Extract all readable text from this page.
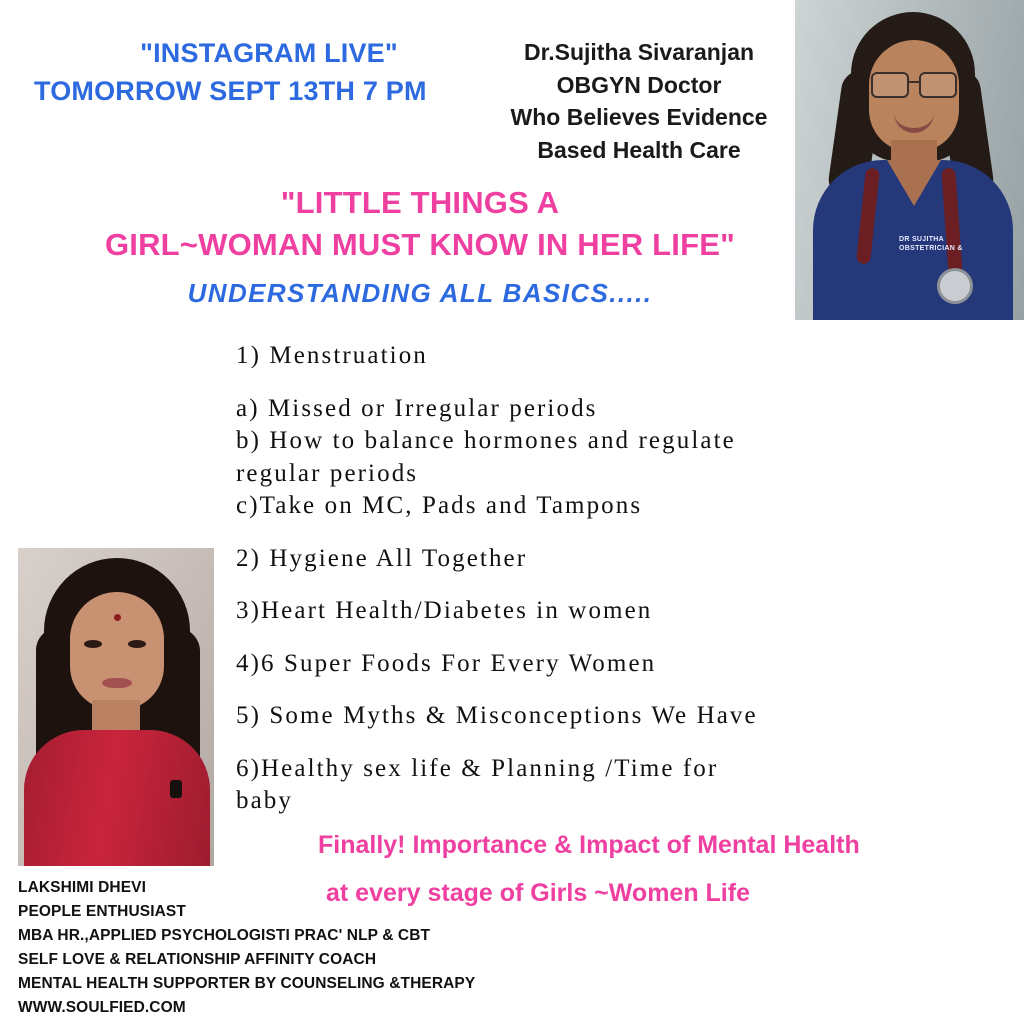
"INSTAGRAM LIVE"
TOMORROW SEPT 13TH 7 PM
Dr.Sujitha Sivaranjan
OBGYN Doctor
Who Believes Evidence
Based Health Care
DR SUJITHA OBSTETRICIAN &
"LITTLE THINGS A
GIRL~WOMAN MUST KNOW IN HER LIFE"
UNDERSTANDING ALL BASICS.....
1) Menstruation
a) Missed or Irregular periods
b) How to balance hormones and regulate
regular periods
c)Take on MC, Pads and Tampons
2) Hygiene All Together
3)Heart Health/Diabetes in women
4)6 Super Foods For Every Women
5) Some Myths & Misconceptions We Have
6)Healthy sex life & Planning /Time for
baby
Finally! Importance & Impact of Mental Health
at every stage of Girls ~Women Life
LAKSHIMI DHEVI
PEOPLE ENTHUSIAST
MBA HR.,APPLIED PSYCHOLOGISTI PRAC' NLP & CBT
SELF LOVE & RELATIONSHIP AFFINITY COACH
MENTAL HEALTH SUPPORTER BY COUNSELING &THERAPY
WWW.SOULFIED.COM
